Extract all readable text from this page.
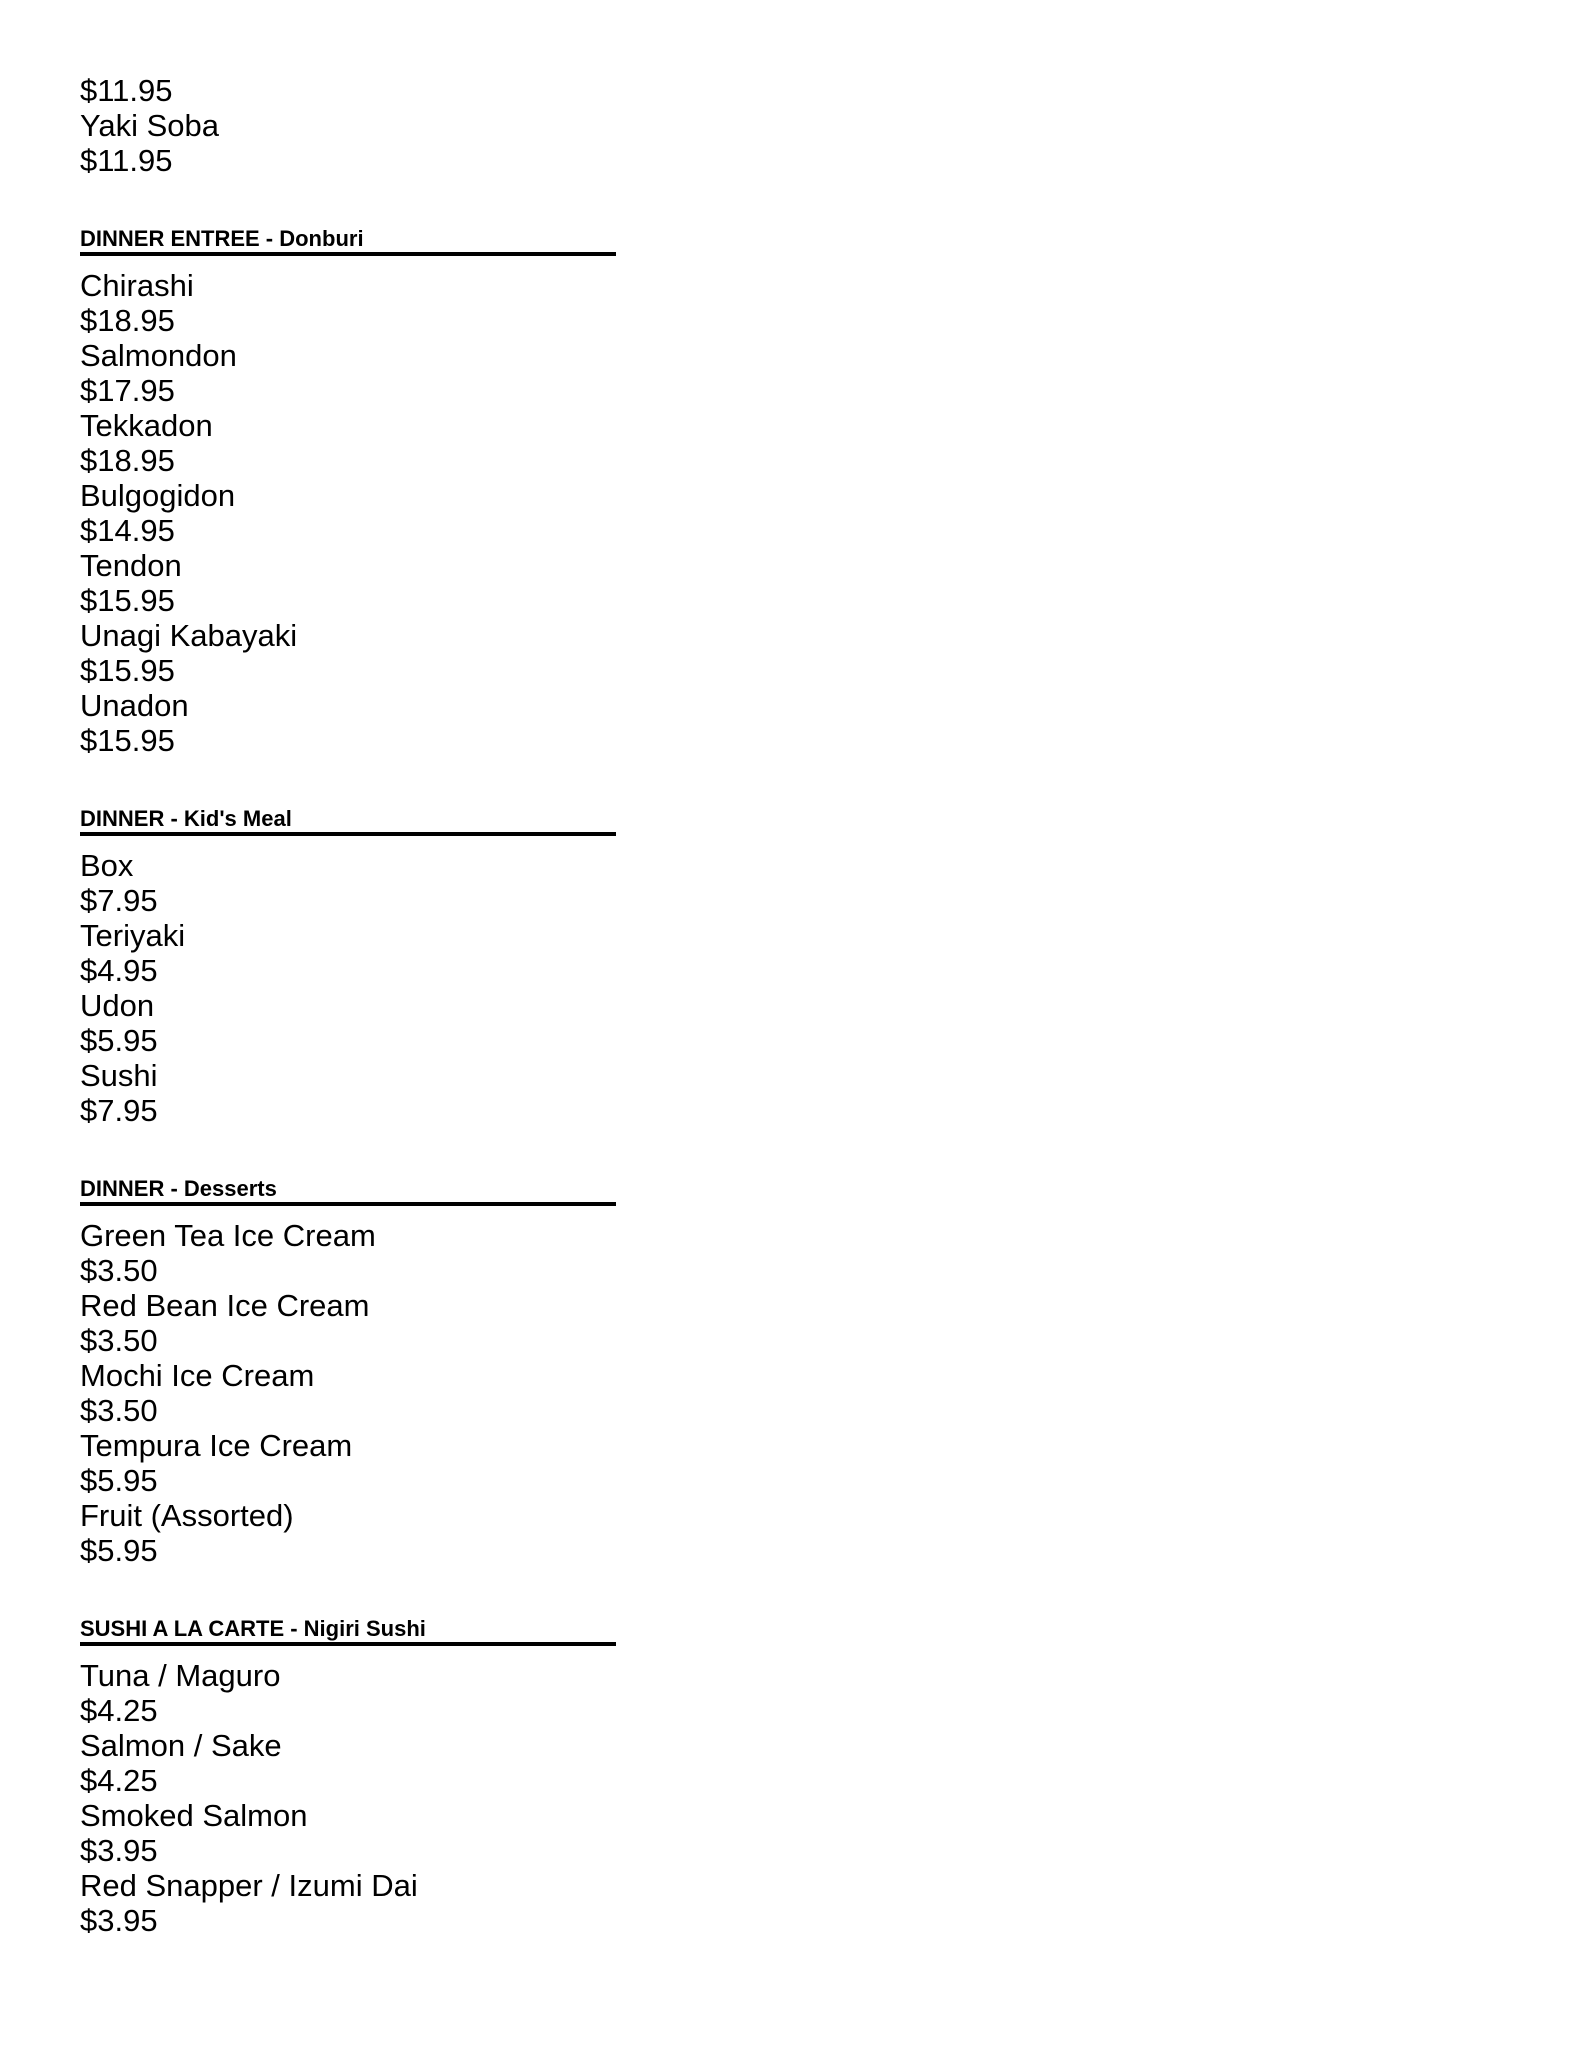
$11.95
Yaki Soba
$11.95
DINNER ENTREE - Donburi
Chirashi
$18.95
Salmondon
$17.95
Tekkadon
$18.95
Bulgogidon
$14.95
Tendon
$15.95
Unagi Kabayaki
$15.95
Unadon
$15.95
DINNER - Kid's Meal
Box
$7.95
Teriyaki
$4.95
Udon
$5.95
Sushi
$7.95
DINNER - Desserts
Green Tea Ice Cream
$3.50
Red Bean Ice Cream
$3.50
Mochi Ice Cream
$3.50
Tempura Ice Cream
$5.95
Fruit (Assorted)
$5.95
SUSHI A LA CARTE - Nigiri Sushi
Tuna / Maguro
$4.25
Salmon / Sake
$4.25
Smoked Salmon
$3.95
Red Snapper / Izumi Dai
$3.95
